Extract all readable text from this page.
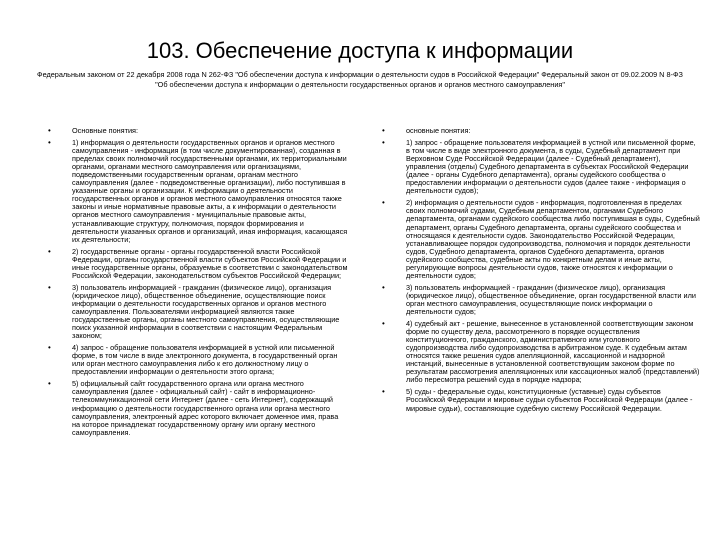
103. Обеспечение доступа к информации
Федеральным законом от 22 декабря 2008 года N 262-ФЗ "Об обеспечении доступа к информации о деятельности судов в Российской Федерации" Федеральный закон от 09.02.2009 N 8-ФЗ "Об обеспечении доступа к информации о деятельности государственных органов и органов местного самоуправления"
•	Основные понятия:
•	1) информация о деятельности государственных органов и органов местного самоуправления - информация (в том числе документированная), созданная в пределах своих полномочий государственными органами, их территориальными органами, органами местного самоуправления или организациями, подведомственными государственным органам, органам местного самоуправления (далее - подведомственные организации), либо поступившая в указанные органы и организации. К информации о деятельности государственных органов и органов местного самоуправления относятся также законы и иные нормативные правовые акты, а к информации о деятельности органов местного самоуправления - муниципальные правовые акты, устанавливающие структуру, полномочия, порядок формирования и деятельности указанных органов и организаций, иная информация, касающаяся их деятельности;
•	2) государственные органы - органы государственной власти Российской Федерации, органы государственной власти субъектов Российской Федерации и иные государственные органы, образуемые в соответствии с законодательством Российской Федерации, законодательством субъектов Российской Федерации;
•	3) пользователь информацией - гражданин (физическое лицо), организация (юридическое лицо), общественное объединение, осуществляющие поиск информации о деятельности государственных органов и органов местного самоуправления. Пользователями информацией являются также государственные органы, органы местного самоуправления, осуществляющие поиск указанной информации в соответствии с настоящим Федеральным законом;
•	4) запрос - обращение пользователя информацией в устной или письменной форме, в том числе в виде электронного документа, в государственный орган или орган местного самоуправления либо к его должностному лицу о предоставлении информации о деятельности этого органа;
•	5) официальный сайт государственного органа или органа местного самоуправления (далее - официальный сайт) - сайт в информационно-телекоммуникационной сети Интернет (далее - сеть Интернет), содержащий информацию о деятельности государственного органа или органа местного самоуправления, электронный адрес которого включает доменное имя, права на которое принадлежат государственному органу или органу местного самоуправления.
•	основные понятия:
•	1) запрос - обращение пользователя информацией в устной или письменной форме, в том числе в виде электронного документа, в суды, Судебный департамент при Верховном Суде Российской Федерации (далее - Судебный департамент), управления (отделы) Судебного департамента в субъектах Российской Федерации (далее - органы Судебного департамента), органы судейского сообщества о предоставлении информации о деятельности судов (далее также - информация о деятельности судов);
•	2) информация о деятельности судов - информация, подготовленная в пределах своих полномочий судами, Судебным департаментом, органами Судебного департамента, органами судейского сообщества либо поступившая в суды, Судебный департамент, органы Судебного департамента, органы судейского сообщества и относящаяся к деятельности судов. Законодательство Российской Федерации, устанавливающее порядок судопроизводства, полномочия и порядок деятельности судов, Судебного департамента, органов Судебного департамента, органов судейского сообщества, судебные акты по конкретным делам и иные акты, регулирующие вопросы деятельности судов, также относятся к информации о деятельности судов;
•	3) пользователь информацией - гражданин (физическое лицо), организация (юридическое лицо), общественное объединение, орган государственной власти или орган местного самоуправления, осуществляющие поиск информации о деятельности судов;
•	4) судебный акт - решение, вынесенное в установленной соответствующим законом форме по существу дела, рассмотренного в порядке осуществления конституционного, гражданского, административного или уголовного судопроизводства либо судопроизводства в арбитражном суде. К судебным актам относятся также решения судов апелляционной, кассационной и надзорной инстанций, вынесенные в установленной соответствующим законом форме по результатам рассмотрения апелляционных или кассационных жалоб (представлений) либо пересмотра решений суда в порядке надзора;
•	5) суды - федеральные суды, конституционные (уставные) суды субъектов Российской Федерации и мировые судьи субъектов Российской Федерации (далее - мировые судьи), составляющие судебную систему Российской Федерации.
